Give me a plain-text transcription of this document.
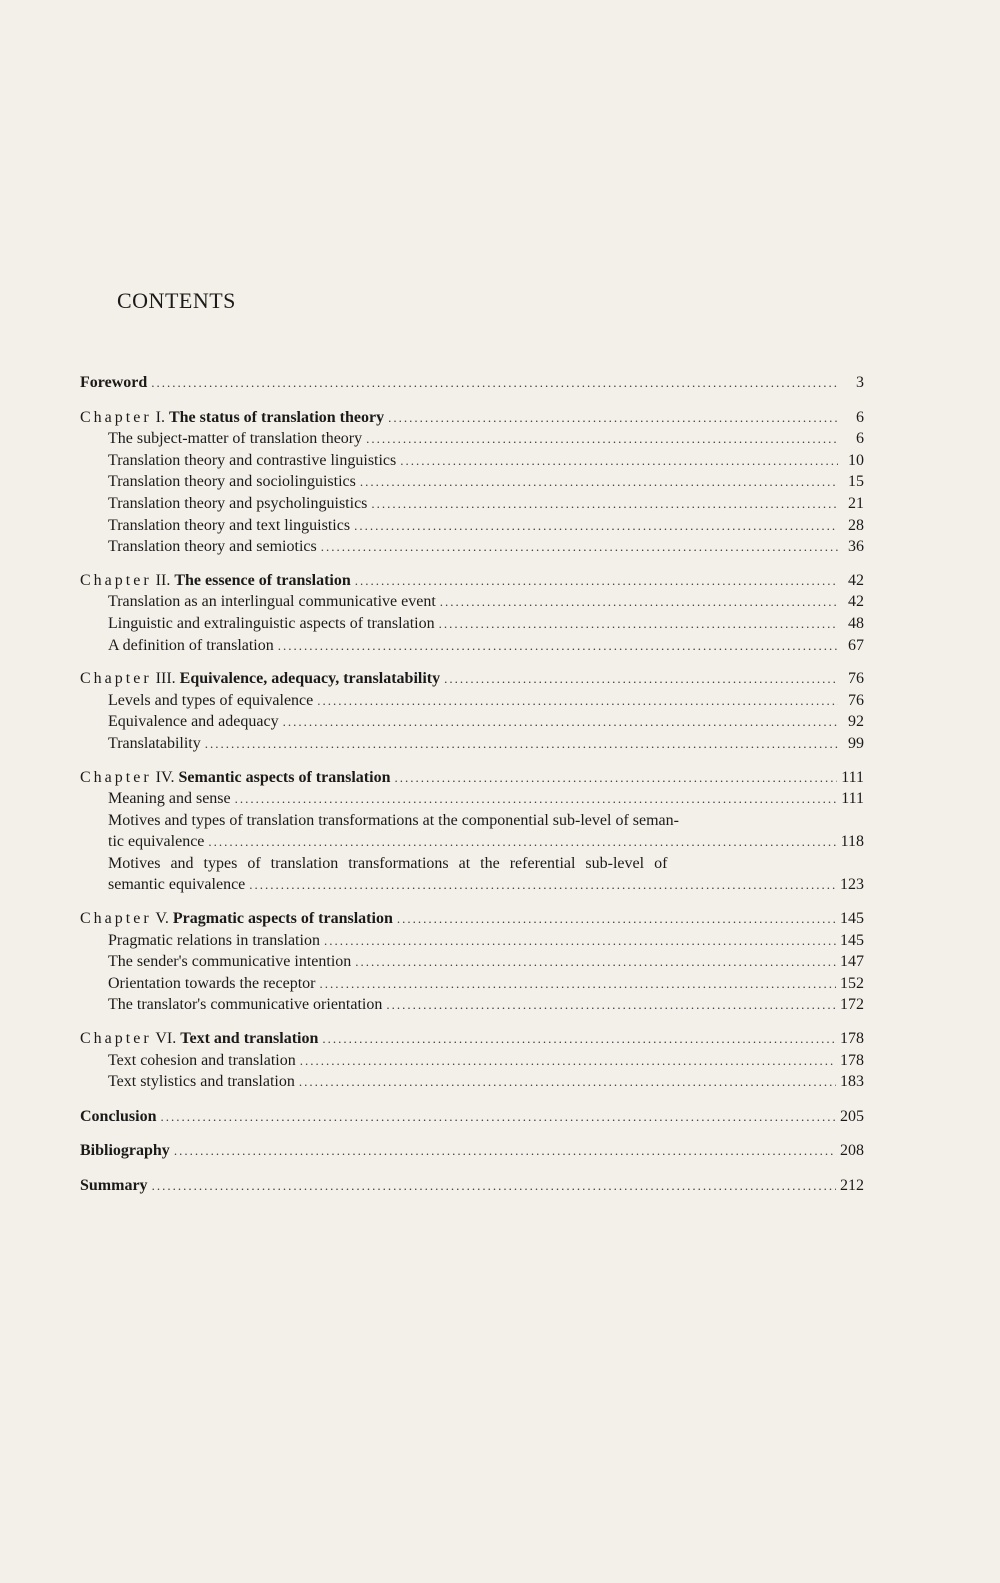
CONTENTS
Foreword .....	3
Chapter I. The status of translation theory .....	6
The subject-matter of translation theory .....	6
Translation theory and contrastive linguistics .....	10
Translation theory and sociolinguistics .....	15
Translation theory and psycholinguistics .....	21
Translation theory and text linguistics .....	28
Translation theory and semiotics .....	36
Chapter II. The essence of translation .....	42
Translation as an interlingual communicative event .....	42
Linguistic and extralinguistic aspects of translation .....	48
A definition of translation .....	67
Chapter III. Equivalence, adequacy, translatability .....	76
Levels and types of equivalence .....	76
Equivalence and adequacy .....	92
Translatability .....	99
Chapter IV. Semantic aspects of translation .....	111
Meaning and sense .....	111
Motives and types of translation transformations at the componential sub-level of seman-
tic equivalence .....	118
Motives and types of translation transformations at the referential sub-level of
semantic equivalence .....	123
Chapter V. Pragmatic aspects of translation .....	145
Pragmatic relations in translation .....	145
The sender's communicative intention .....	147
Orientation towards the receptor .....	152
The translator's communicative orientation .....	172
Chapter VI. Text and translation .....	178
Text cohesion and translation .....	178
Text stylistics and translation .....	183
Conclusion .....	205
Bibliography .....	208
Summary .....	212
